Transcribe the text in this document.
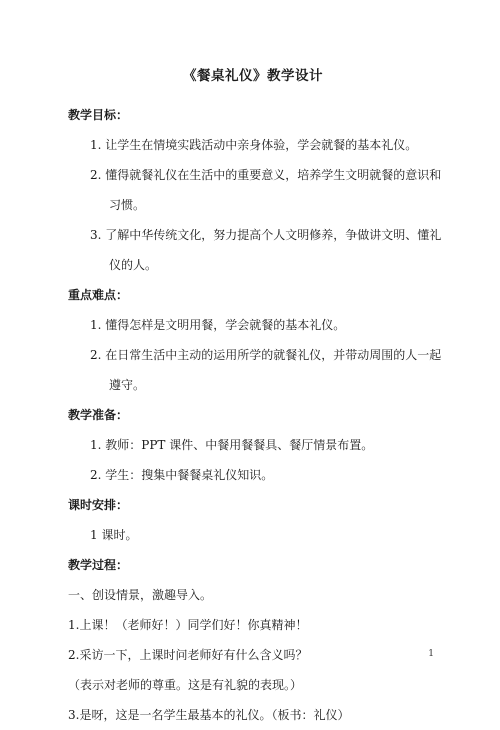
《餐桌礼仪》教学设计

教学目标：

1. 让学生在情境实践活动中亲身体验，学会就餐的基本礼仪。

2. 懂得就餐礼仪在生活中的重要意义，培养学生文明就餐的意识和

习惯。

3. 了解中华传统文化，努力提高个人文明修养，争做讲文明、懂礼

仪的人。

重点难点：

1. 懂得怎样是文明用餐，学会就餐的基本礼仪。

2. 在日常生活中主动的运用所学的就餐礼仪，并带动周围的人一起

遵守。

教学准备：

1. 教师：PPT 课件、中餐用餐餐具、餐厅情景布置。

2. 学生：搜集中餐餐桌礼仪知识。

课时安排：

1 课时。

教学过程：

一、创设情景，激趣导入。

1.上课！（老师好！）同学们好！你真精神！

2.采访一下，上课时问老师好有什么含义吗？

（表示对老师的尊重。这是有礼貌的表现。）

3.是呀，这是一名学生最基本的礼仪。（板书：礼仪）

1
